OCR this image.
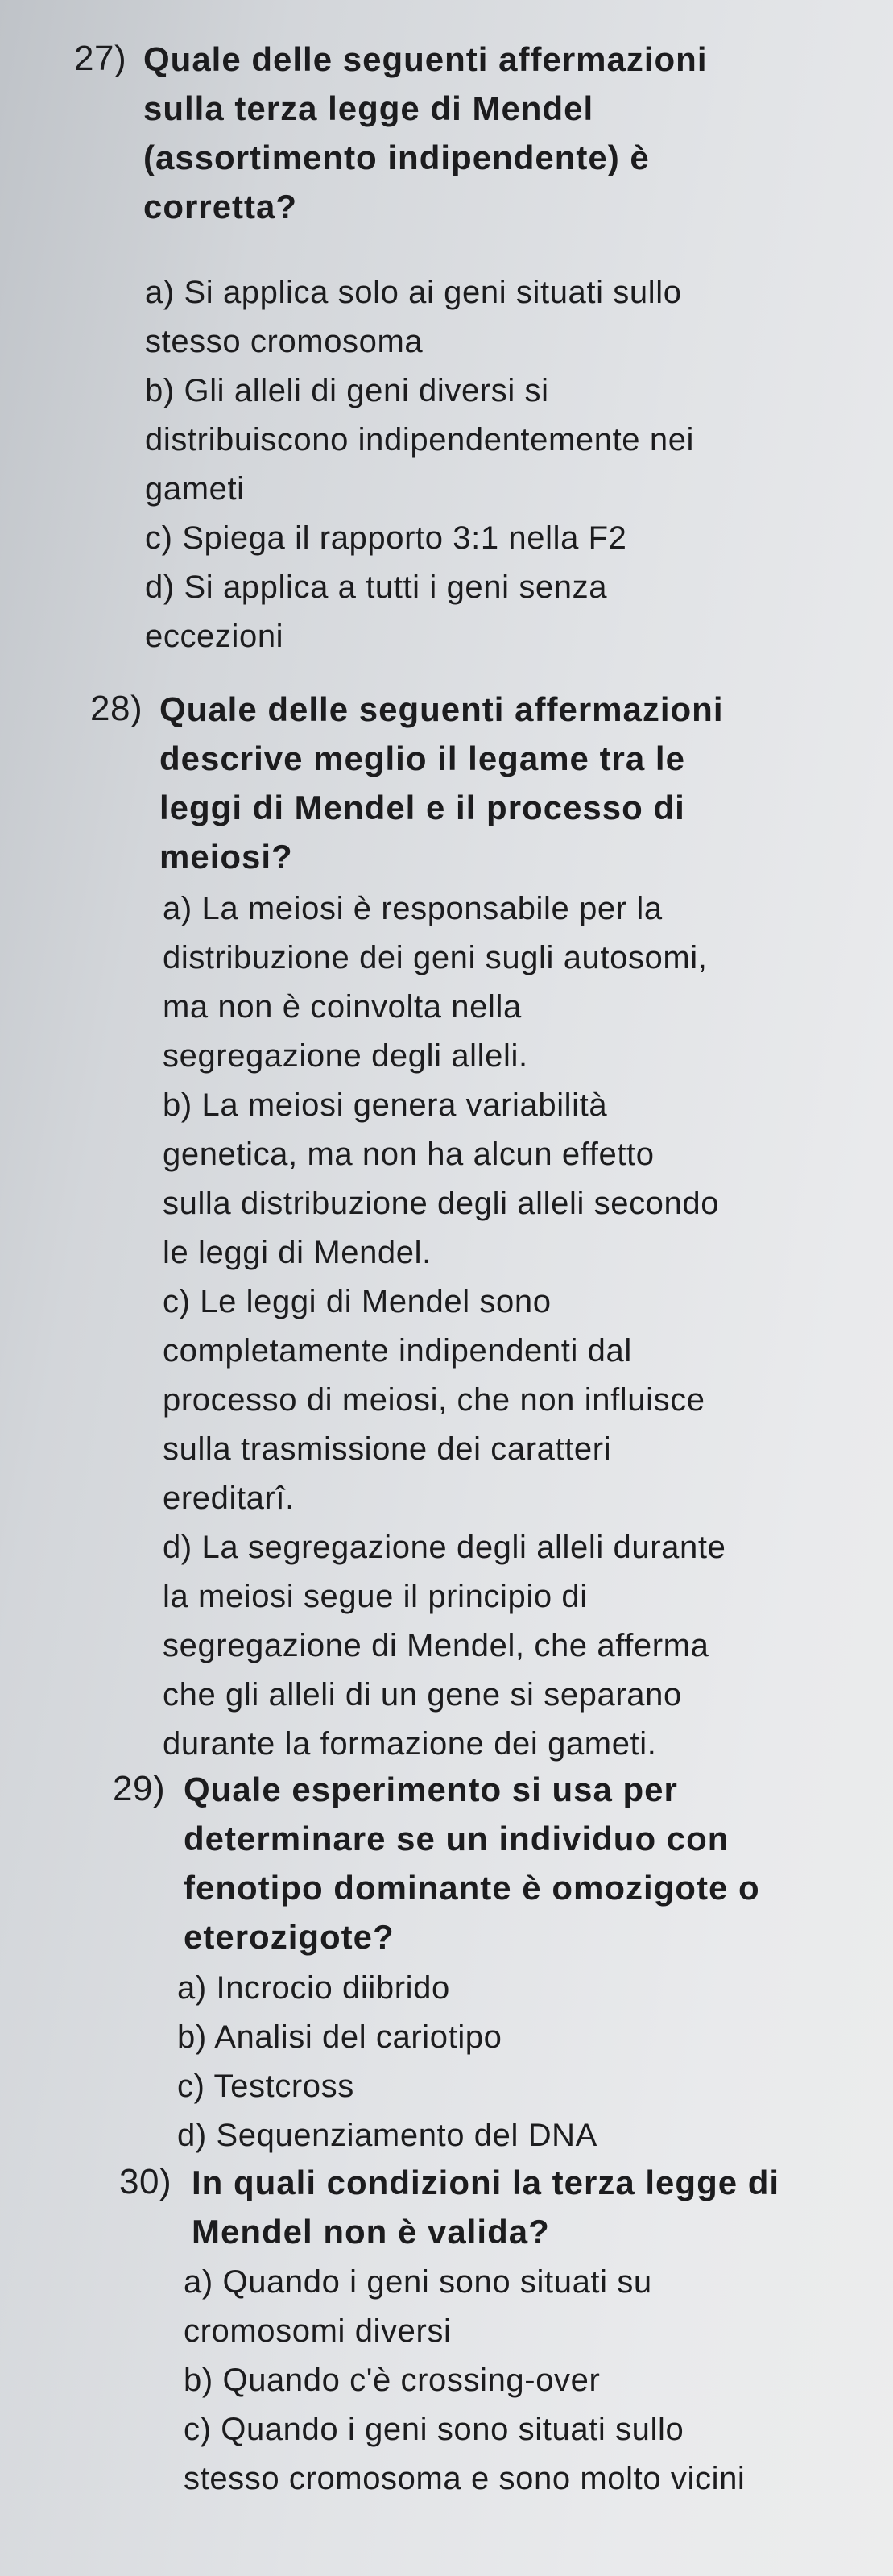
27) Quale delle seguenti affermazioni
sulla terza legge di Mendel
(assortimento indipendente) è
corretta?
a) Si applica solo ai geni situati sullo
stesso cromosoma
b) Gli alleli di geni diversi si
distribuiscono indipendentemente nei
gameti
c) Spiega il rapporto 3:1 nella F2
d) Si applica a tutti i geni senza
eccezioni
28) Quale delle seguenti affermazioni
descrive meglio il legame tra le
leggi di Mendel e il processo di
meiosi?
a) La meiosi è responsabile per la
distribuzione dei geni sugli autosomi,
ma non è coinvolta nella
segregazione degli alleli.
b) La meiosi genera variabilità
genetica, ma non ha alcun effetto
sulla distribuzione degli alleli secondo
le leggi di Mendel.
c) Le leggi di Mendel sono
completamente indipendenti dal
processo di meiosi, che non influisce
sulla trasmissione dei caratteri
ereditarî.
d) La segregazione degli alleli durante
la meiosi segue il principio di
segregazione di Mendel, che afferma
che gli alleli di un gene si separano
durante la formazione dei gameti.
29) Quale esperimento si usa per
determinare se un individuo con
fenotipo dominante è omozigote o
eterozigote?
a) Incrocio diibrido
b) Analisi del cariotipo
c) Testcross
d) Sequenziamento del DNA
30) In quali condizioni la terza legge di
Mendel non è valida?
a) Quando i geni sono situati su
cromosomi diversi
b) Quando c'è crossing-over
c) Quando i geni sono situati sullo
stesso cromosoma e sono molto vicini
